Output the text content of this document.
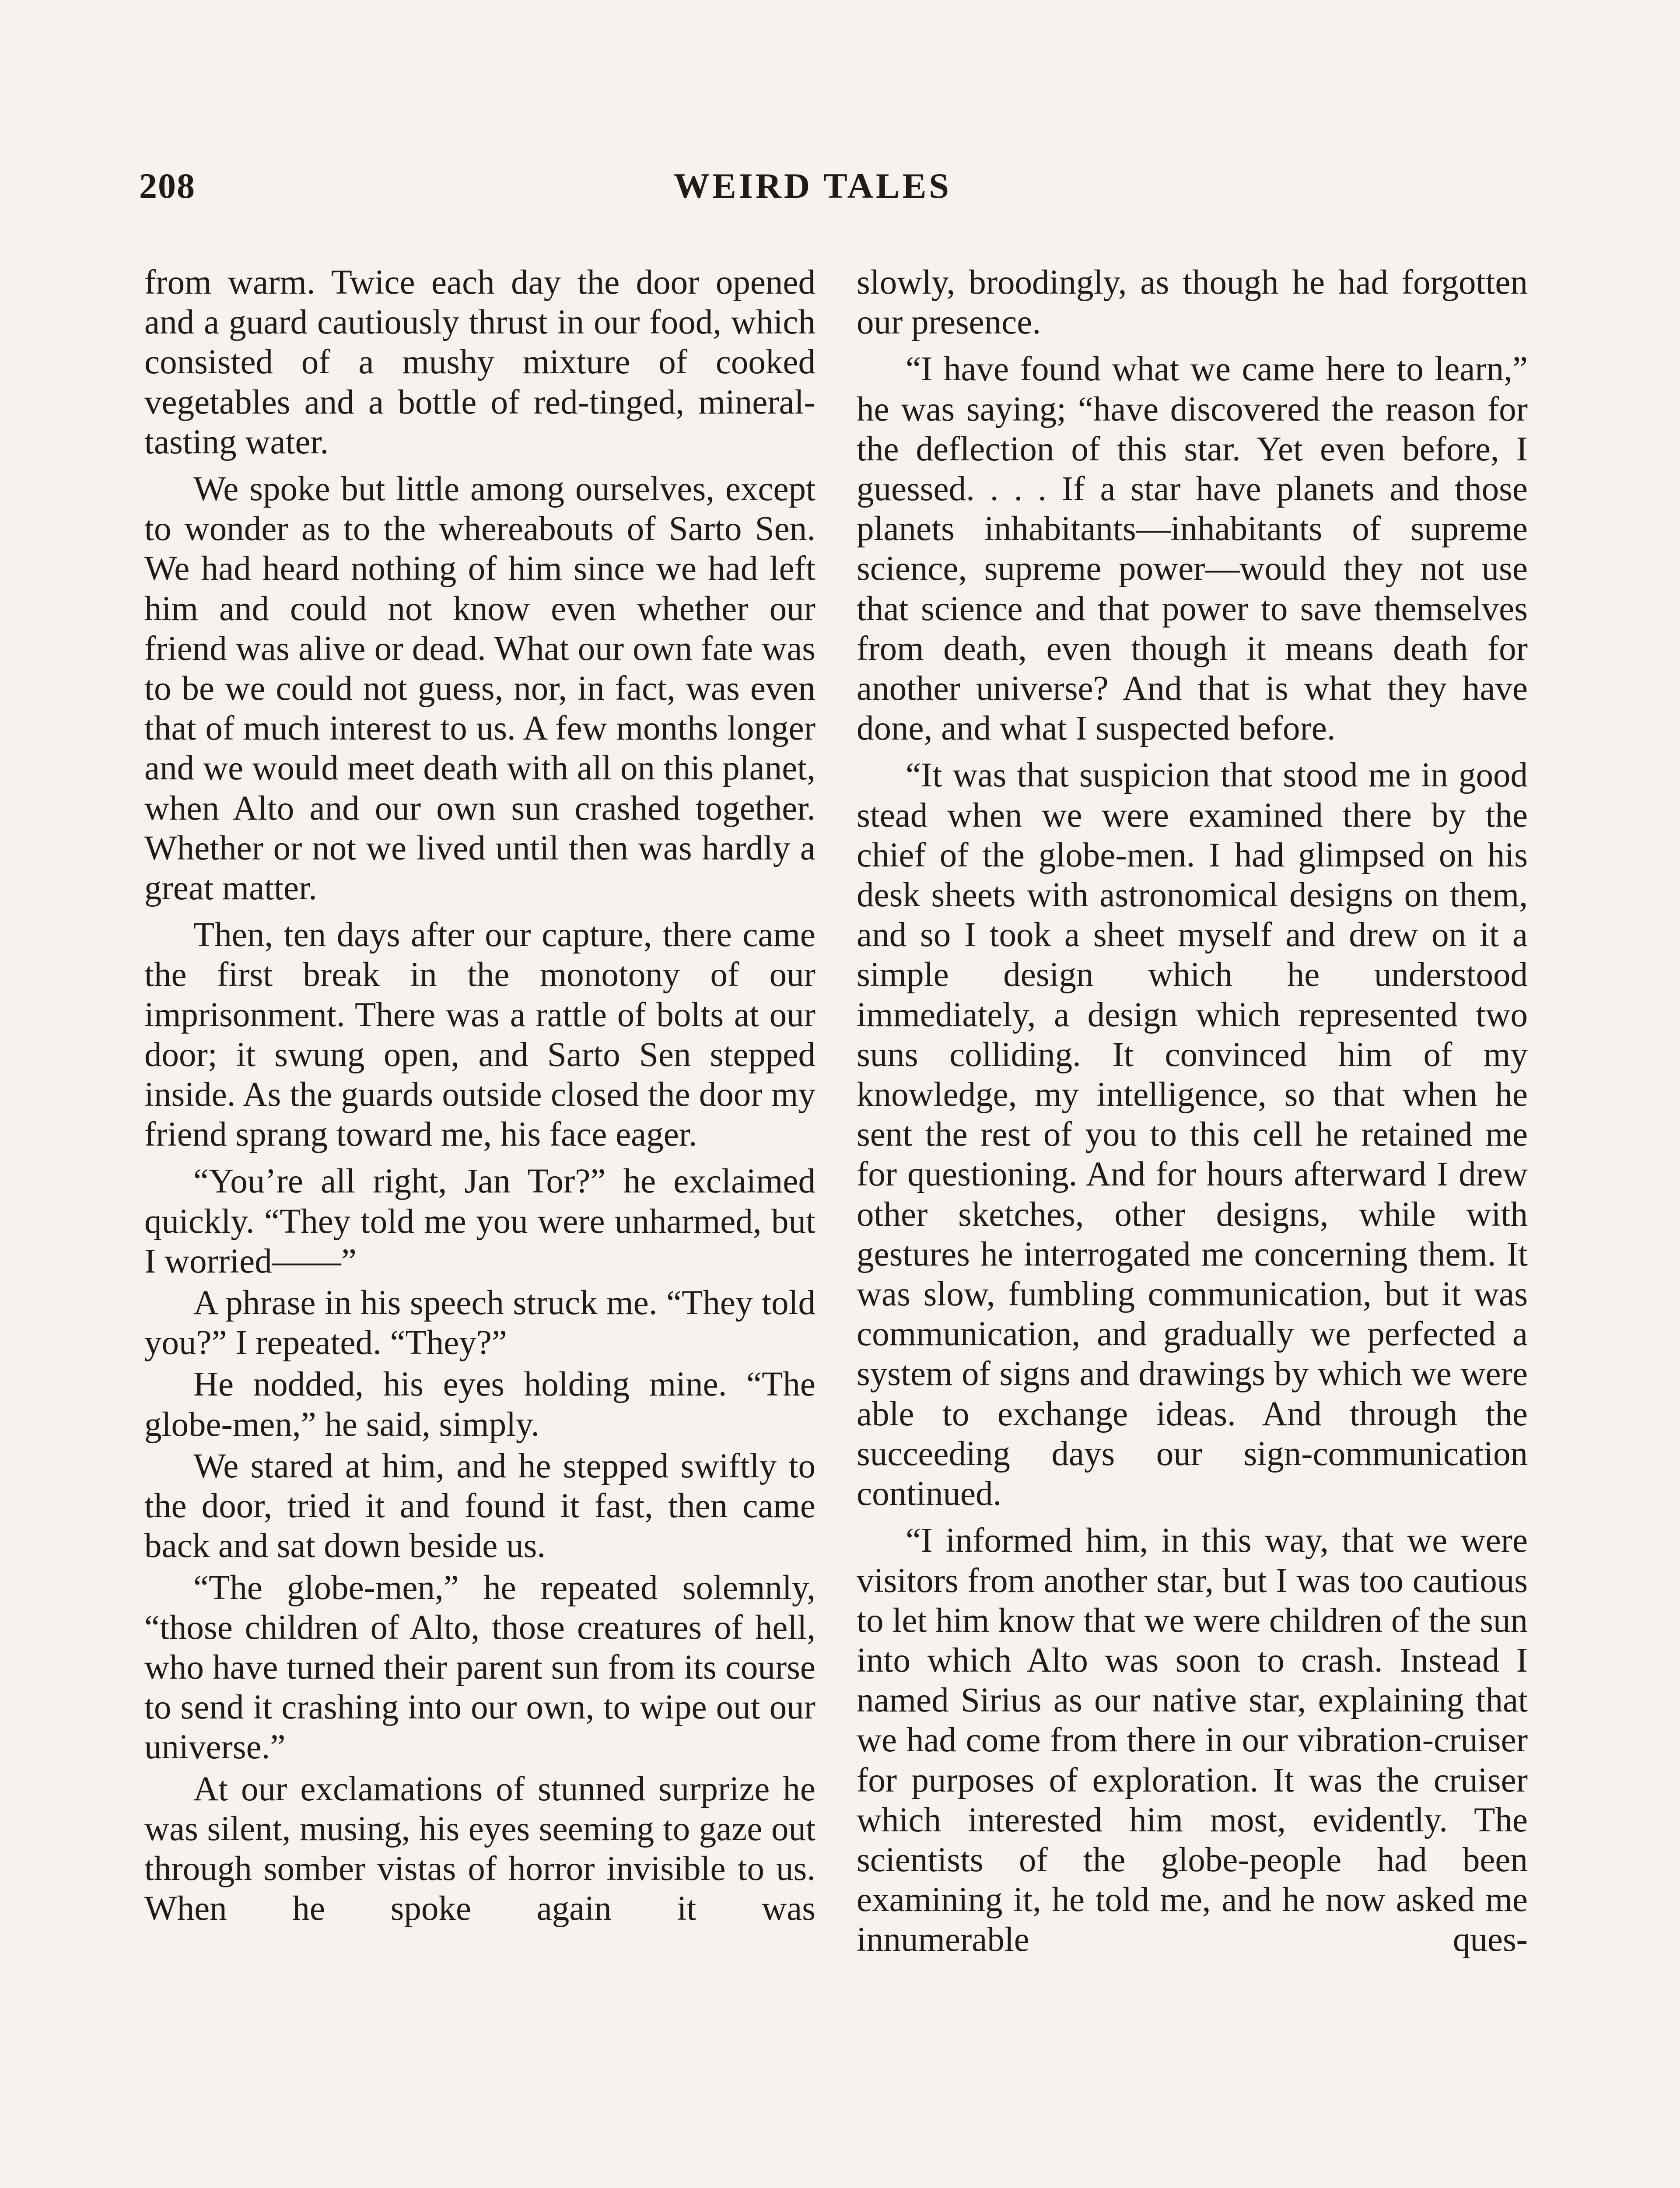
208	WEIRD TALES

from warm. Twice each day the door opened and a guard cautiously thrust in our food, which consisted of a mushy mixture of cooked vegetables and a bottle of red-tinged, mineral-tasting water.

We spoke but little among ourselves, except to wonder as to the whereabouts of Sarto Sen. We had heard nothing of him since we had left him and could not know even whether our friend was alive or dead. What our own fate was to be we could not guess, nor, in fact, was even that of much interest to us. A few months longer and we would meet death with all on this planet, when Alto and our own sun crashed together. Whether or not we lived until then was hardly a great matter.

Then, ten days after our capture, there came the first break in the monotony of our imprisonment. There was a rattle of bolts at our door; it swung open, and Sarto Sen stepped inside. As the guards outside closed the door my friend sprang toward me, his face eager.

“You’re all right, Jan Tor?” he exclaimed quickly. “They told me you were unharmed, but I worried——”

A phrase in his speech struck me. “They told you?” I repeated. “They?”

He nodded, his eyes holding mine. “The globe-men,” he said, simply.

We stared at him, and he stepped swiftly to the door, tried it and found it fast, then came back and sat down beside us.

“The globe-men,” he repeated solemnly, “those children of Alto, those creatures of hell, who have turned their parent sun from its course to send it crashing into our own, to wipe out our universe.”

At our exclamations of stunned surprize he was silent, musing, his eyes seeming to gaze out through somber vistas of horror invisible to us. When he spoke again it was

slowly, broodingly, as though he had forgotten our presence.

“I have found what we came here to learn,” he was saying; “have discovered the reason for the deflection of this star. Yet even before, I guessed. . . . If a star have planets and those planets inhabitants—inhabitants of supreme science, supreme power—would they not use that science and that power to save themselves from death, even though it means death for another universe? And that is what they have done, and what I suspected before.

“It was that suspicion that stood me in good stead when we were examined there by the chief of the globe-men. I had glimpsed on his desk sheets with astronomical designs on them, and so I took a sheet myself and drew on it a simple design which he understood immediately, a design which represented two suns colliding. It convinced him of my knowledge, my intelligence, so that when he sent the rest of you to this cell he retained me for questioning. And for hours afterward I drew other sketches, other designs, while with gestures he interrogated me concerning them. It was slow, fumbling communication, but it was communication, and gradually we perfected a system of signs and drawings by which we were able to exchange ideas. And through the succeeding days our sign-communication continued.

“I informed him, in this way, that we were visitors from another star, but I was too cautious to let him know that we were children of the sun into which Alto was soon to crash. Instead I named Sirius as our native star, explaining that we had come from there in our vibration-cruiser for purposes of exploration. It was the cruiser which interested him most, evidently. The scientists of the globe-people had been examining it, he told me, and he now asked me innumerable ques-
